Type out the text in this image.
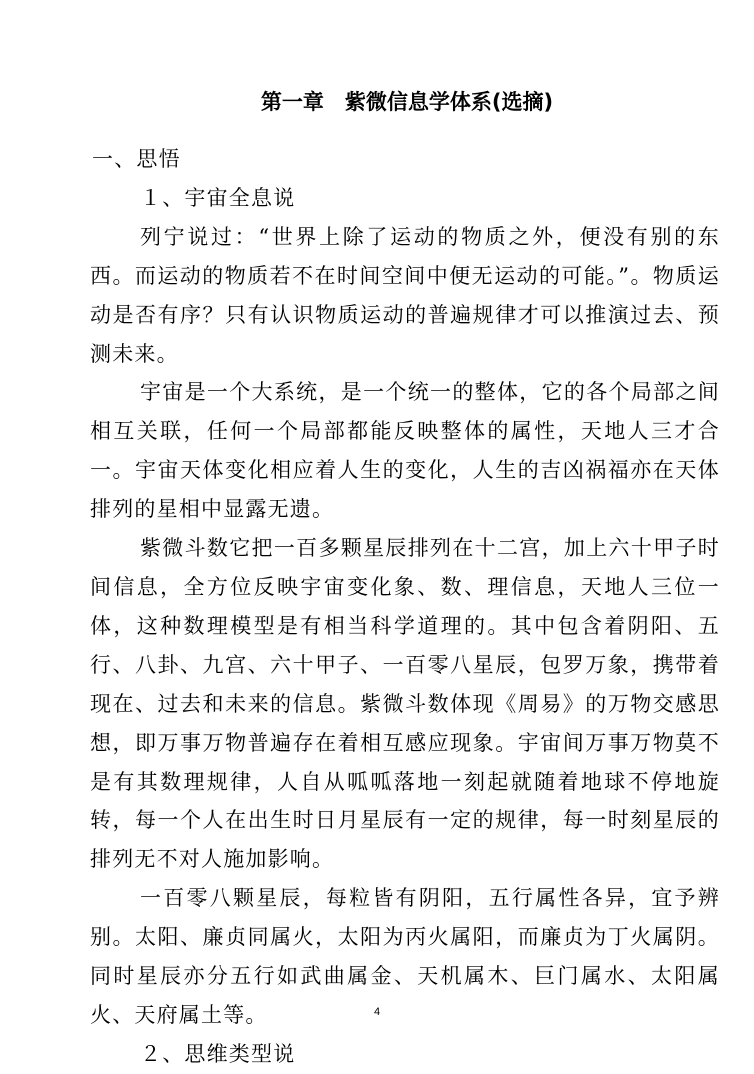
第一章　紫微信息学体系(选摘)
一、思悟
１、宇宙全息说

列宁说过：“世界上除了运动的物质之外，便没有别的东西。而运动的物质若不在时间空间中便无运动的可能。”。物质运动是否有序？只有认识物质运动的普遍规律才可以推演过去、预测未来。

宇宙是一个大系统，是一个统一的整体，它的各个局部之间相互关联，任何一个局部都能反映整体的属性，天地人三才合一。宇宙天体变化相应着人生的变化，人生的吉凶祸福亦在天体排列的星相中显露无遗。

紫微斗数它把一百多颗星辰排列在十二宫，加上六十甲子时间信息，全方位反映宇宙变化象、数、理信息，天地人三位一体，这种数理模型是有相当科学道理的。其中包含着阴阳、五行、八卦、九宫、六十甲子、一百零八星辰，包罗万象，携带着现在、过去和未来的信息。紫微斗数体现《周易》的万物交感思想，即万事万物普遍存在着相互感应现象。宇宙间万事万物莫不是有其数理规律，人自从呱呱落地一刻起就随着地球不停地旋转，每一个人在出生时日月星辰有一定的规律，每一时刻星辰的排列无不对人施加影响。

一百零八颗星辰，每粒皆有阴阳，五行属性各异，宜予辨别。太阳、廉贞同属火，太阳为丙火属阳，而廉贞为丁火属阴。同时星辰亦分五行如武曲属金、天机属木、巨门属水、太阳属火、天府属土等。

２、思维类型说
4
